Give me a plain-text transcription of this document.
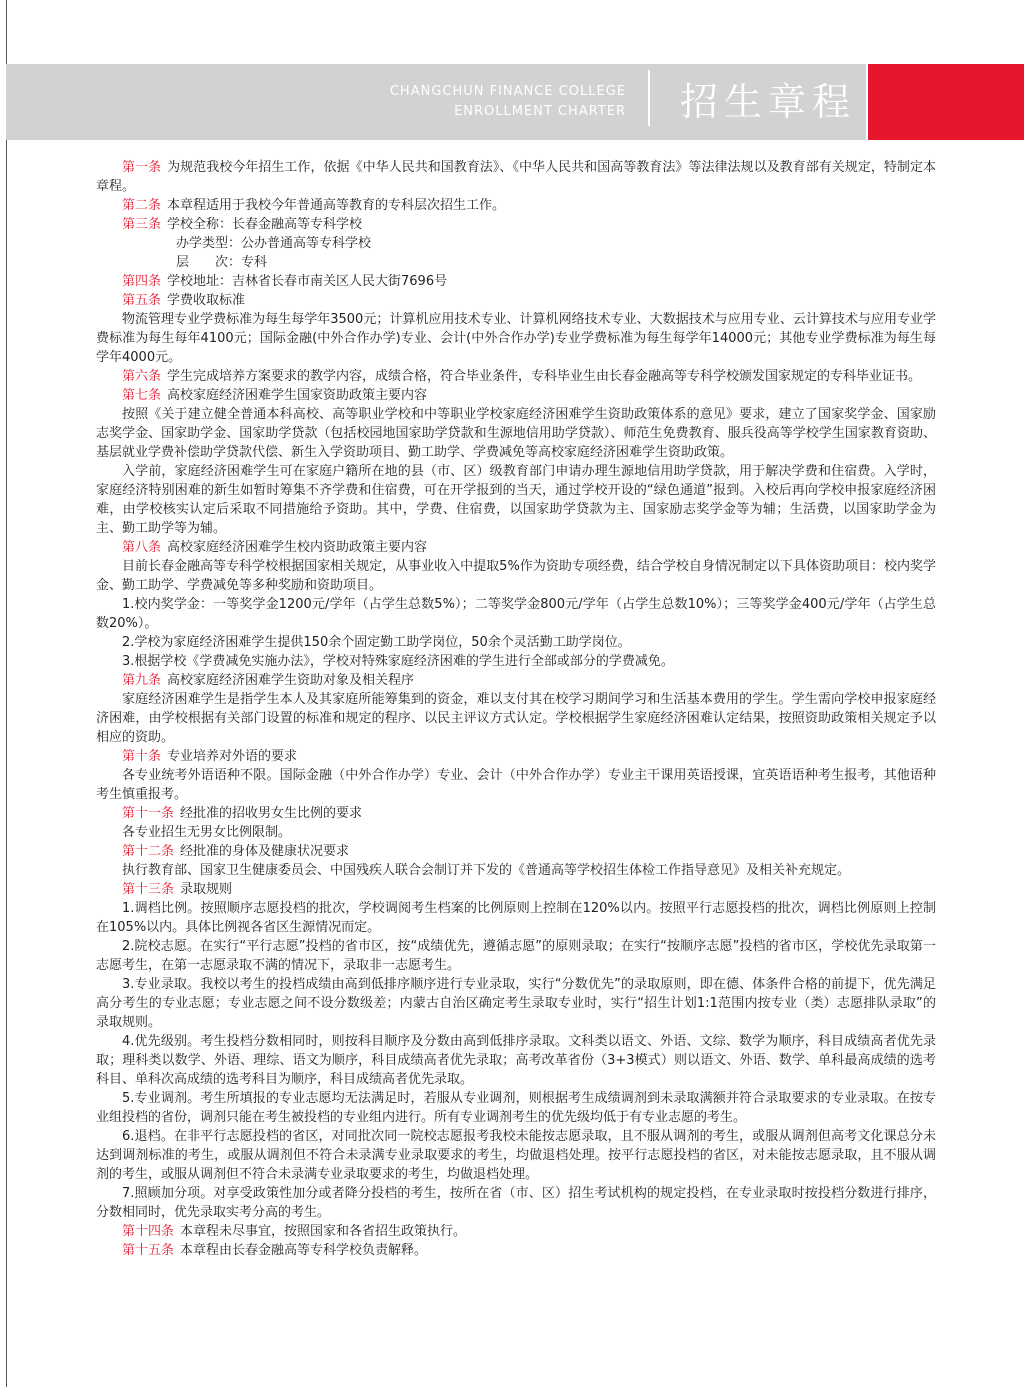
CHANGCHUN FINANCE COLLEGE
ENROLLMENT CHARTER 招生章程

第一条 为规范我校今年招生工作，依据《中华人民共和国教育法》、《中华人民共和国高等教育法》等法律法规以及教育部有关规定，特制定本章程。

第二条 本章程适用于我校今年普通高等教育的专科层次招生工作。

第三条 学校全称：长春金融高等专科学校

办学类型：公办普通高等专科学校

层　　次：专科

第四条 学校地址：吉林省长春市南关区人民大街7696号

第五条 学费收取标准

物流管理专业学费标准为每生每学年3500元；计算机应用技术专业、计算机网络技术专业、大数据技术与应用专业、云计算技术与应用专业学费标准为每生每年4100元；国际金融(中外合作办学)专业、会计(中外合作办学)专业学费标准为每生每学年14000元；其他专业学费标准为每生每学年4000元。

第六条 学生完成培养方案要求的教学内容，成绩合格，符合毕业条件，专科毕业生由长春金融高等专科学校颁发国家规定的专科毕业证书。

第七条 高校家庭经济困难学生国家资助政策主要内容

按照《关于建立健全普通本科高校、高等职业学校和中等职业学校家庭经济困难学生资助政策体系的意见》要求，建立了国家奖学金、国家励志奖学金、国家助学金、国家助学贷款（包括校园地国家助学贷款和生源地信用助学贷款）、师范生免费教育、服兵役高等学校学生国家教育资助、基层就业学费补偿助学贷款代偿、新生入学资助项目、勤工助学、学费减免等高校家庭经济困难学生资助政策。

入学前，家庭经济困难学生可在家庭户籍所在地的县（市、区）级教育部门申请办理生源地信用助学贷款，用于解决学费和住宿费。入学时，家庭经济特别困难的新生如暂时筹集不齐学费和住宿费，可在开学报到的当天，通过学校开设的“绿色通道”报到。入校后再向学校申报家庭经济困难，由学校核实认定后采取不同措施给予资助。其中，学费、住宿费，以国家助学贷款为主、国家励志奖学金等为辅；生活费，以国家助学金为主、勤工助学等为辅。

第八条 高校家庭经济困难学生校内资助政策主要内容

目前长春金融高等专科学校根据国家相关规定，从事业收入中提取5%作为资助专项经费，结合学校自身情况制定以下具体资助项目：校内奖学金、勤工助学、学费减免等多种奖励和资助项目。

1.校内奖学金：一等奖学金1200元/学年（占学生总数5%）；二等奖学金800元/学年（占学生总数10%）；三等奖学金400元/学年（占学生总数20%）。

2.学校为家庭经济困难学生提供150余个固定勤工助学岗位，50余个灵活勤工助学岗位。

3.根据学校《学费减免实施办法》，学校对特殊家庭经济困难的学生进行全部或部分的学费减免。

第九条 高校家庭经济困难学生资助对象及相关程序

家庭经济困难学生是指学生本人及其家庭所能筹集到的资金，难以支付其在校学习期间学习和生活基本费用的学生。学生需向学校申报家庭经济困难，由学校根据有关部门设置的标准和规定的程序、以民主评议方式认定。学校根据学生家庭经济困难认定结果，按照资助政策相关规定予以相应的资助。

第十条 专业培养对外语的要求

各专业统考外语语种不限。国际金融（中外合作办学）专业、会计（中外合作办学）专业主干课用英语授课，宜英语语种考生报考，其他语种考生慎重报考。

第十一条 经批准的招收男女生比例的要求

各专业招生无男女比例限制。

第十二条 经批准的身体及健康状况要求

执行教育部、国家卫生健康委员会、中国残疾人联合会制订并下发的《普通高等学校招生体检工作指导意见》及相关补充规定。

第十三条 录取规则

1.调档比例。按照顺序志愿投档的批次，学校调阅考生档案的比例原则上控制在120%以内。按照平行志愿投档的批次，调档比例原则上控制在105%以内。具体比例视各省区生源情况而定。

2.院校志愿。在实行“平行志愿”投档的省市区，按“成绩优先，遵循志愿”的原则录取；在实行“按顺序志愿”投档的省市区，学校优先录取第一志愿考生，在第一志愿录取不满的情况下，录取非一志愿考生。

3.专业录取。我校以考生的投档成绩由高到低排序顺序进行专业录取，实行“分数优先”的录取原则，即在德、体条件合格的前提下，优先满足高分考生的专业志愿；专业志愿之间不设分数级差；内蒙古自治区确定考生录取专业时，实行“招生计划1:1范围内按专业（类）志愿排队录取”的录取规则。

4.优先级别。考生投档分数相同时，则按科目顺序及分数由高到低排序录取。文科类以语文、外语、文综、数学为顺序，科目成绩高者优先录取；理科类以数学、外语、理综、语文为顺序，科目成绩高者优先录取；高考改革省份（3+3模式）则以语文、外语、数学、单科最高成绩的选考科目、单科次高成绩的选考科目为顺序，科目成绩高者优先录取。

5.专业调剂。考生所填报的专业志愿均无法满足时，若服从专业调剂，则根据考生成绩调剂到未录取满额并符合录取要求的专业录取。在按专业组投档的省份，调剂只能在考生被投档的专业组内进行。所有专业调剂考生的优先级均低于有专业志愿的考生。

6.退档。在非平行志愿投档的省区，对同批次同一院校志愿报考我校未能按志愿录取，且不服从调剂的考生，或服从调剂但高考文化课总分未达到调剂标准的考生，或服从调剂但不符合未录满专业录取要求的考生，均做退档处理。按平行志愿投档的省区，对未能按志愿录取，且不服从调剂的考生，或服从调剂但不符合未录满专业录取要求的考生，均做退档处理。

7.照顾加分项。对享受政策性加分或者降分投档的考生，按所在省（市、区）招生考试机构的规定投档，在专业录取时按投档分数进行排序，分数相同时，优先录取实考分高的考生。

第十四条 本章程未尽事宜，按照国家和各省招生政策执行。

第十五条 本章程由长春金融高等专科学校负责解释。
